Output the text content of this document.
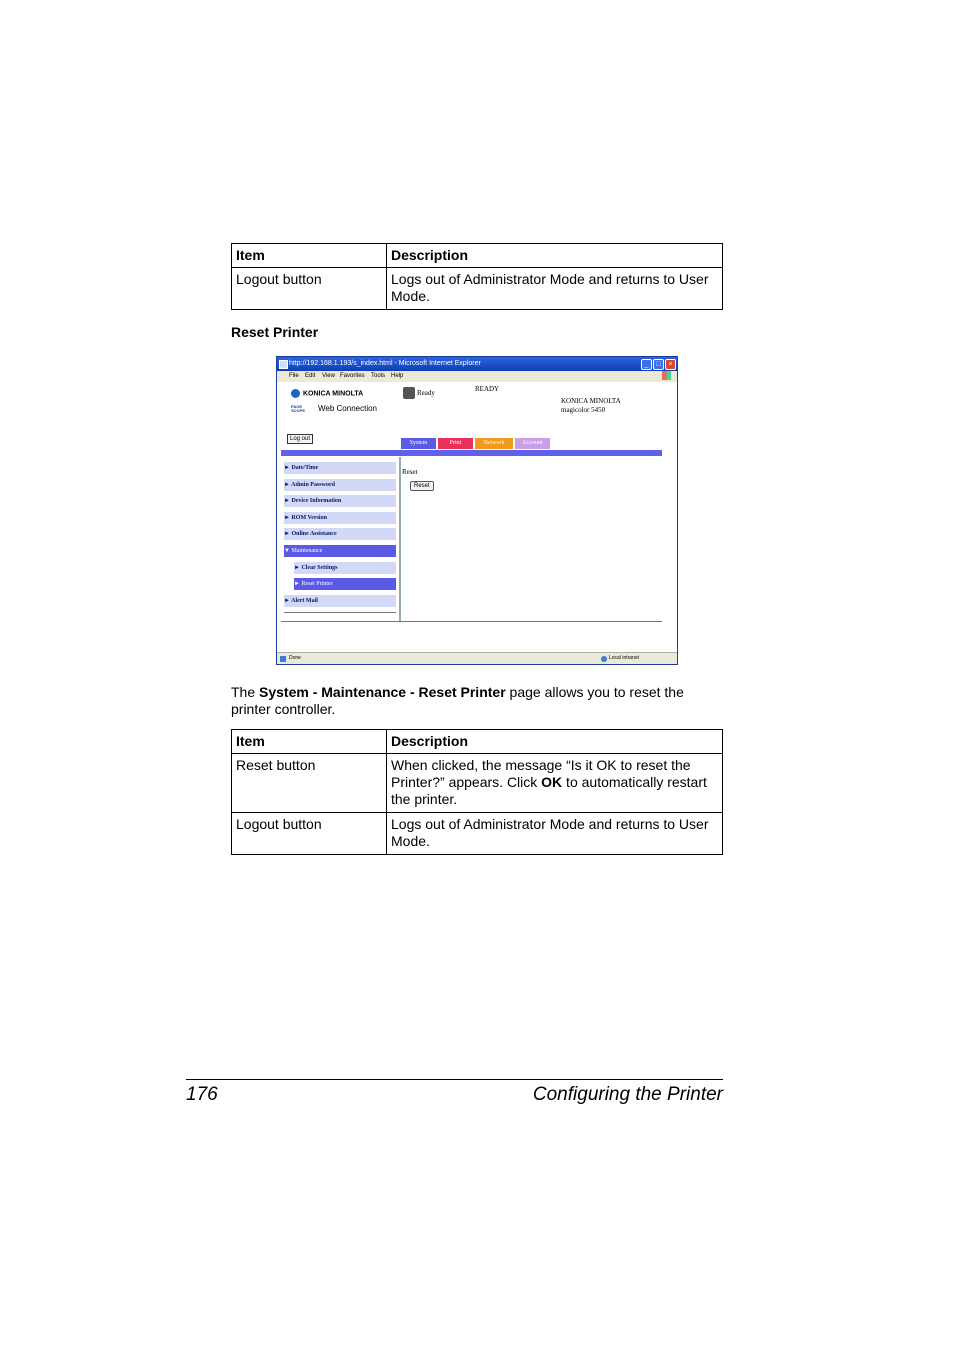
Item	Description
Logout button	Logs out of Administrator Mode and returns to User Mode.
Reset Printer
http://192.168.1.193/s_index.html - Microsoft Internet Explorer	_	□	×
File Edit View Favorites Tools Help
KONICA MINOLTA
PAGE SCOPE Web Connection
Ready	READY
KONICA MINOLTA
magicolor 5450
Log out
System	Print	Network	Account
► Date/Time
► Admin Password
► Device Information
► ROM Version
► Online Assistance
▼ Maintenance
► Clear Settings
► Reset Printer
► Alert Mail
Reset
Reset
Done	Local intranet
The System - Maintenance - Reset Printer page allows you to reset the printer controller.
Item	Description
Reset button	When clicked, the message “Is it OK to reset the Printer?” appears. Click OK to automatically restart the printer.
Logout button	Logs out of Administrator Mode and returns to User Mode.
176	Configuring the Printer
